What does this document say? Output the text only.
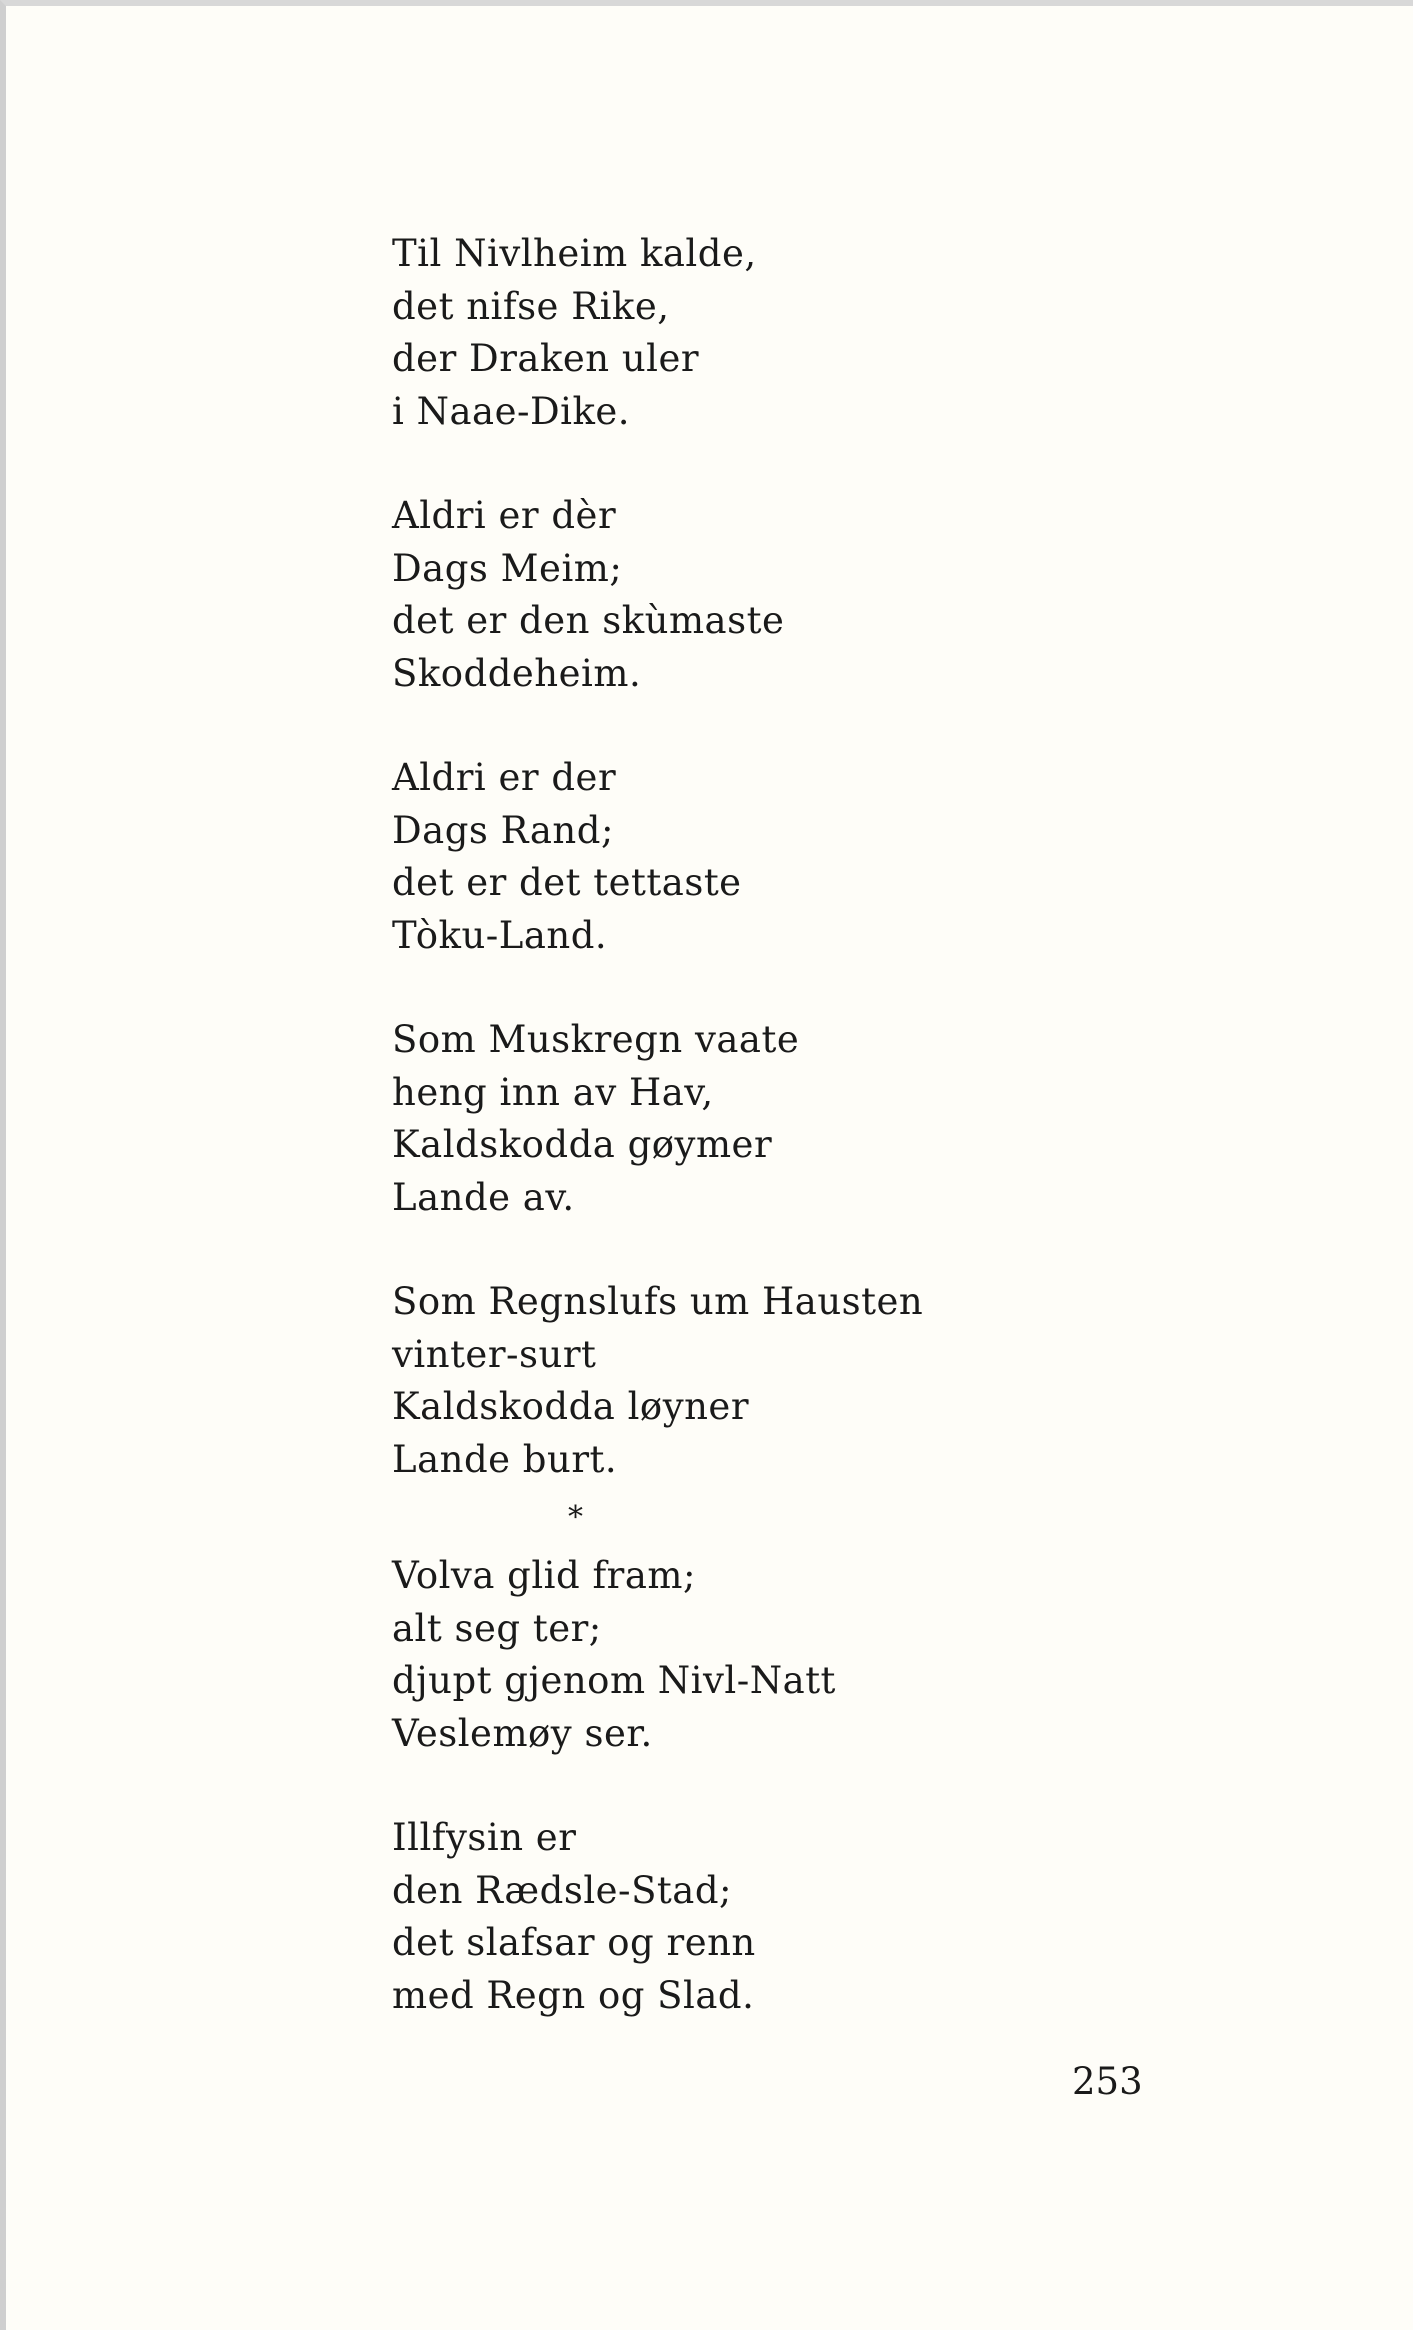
Til Nivlheim kalde,
det nifse Rike,
der Draken uler
i Naae-Dike.
Aldri er dèr
Dags Meim;
det er den skùmaste
Skoddeheim.
Aldri er der
Dags Rand;
det er det tettaste
Tòku-Land.
Som Muskregn vaate
heng inn av Hav,
Kaldskodda gøymer
Lande av.
Som Regnslufs um Hausten
vinter-surt
Kaldskodda løyner
Lande burt.
*
Volva glid fram;
alt seg ter;
djupt gjenom Nivl-Natt
Veslemøy ser.
Illfysin er
den Rædsle-Stad;
det slafsar og renn
med Regn og Slad.
253
